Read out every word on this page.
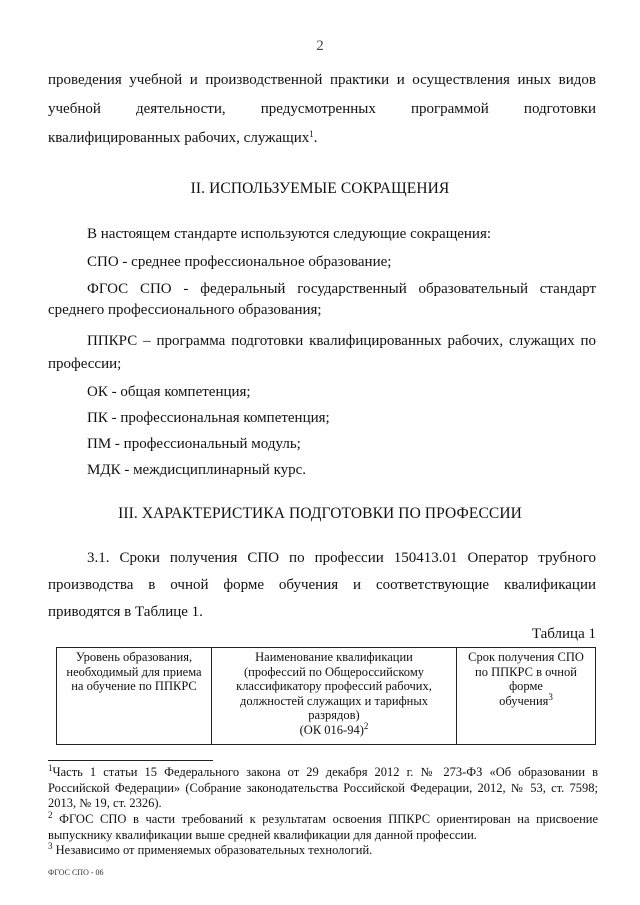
2
проведения учебной и производственной практики и осуществления иных видов
учебной деятельности, предусмотренных программой подготовки
квалифицированных рабочих, служащих$^1$.
II. ИСПОЛЬЗУЕМЫЕ СОКРАЩЕНИЯ
В настоящем стандарте используются следующие сокращения:
СПО - среднее профессиональное образование;
ФГОС СПО - федеральный государственный образовательный стандарт
среднего профессионального образования;
ППКРС – программа подготовки квалифицированных рабочих, служащих по
профессии;
ОК - общая компетенция;
ПК - профессиональная компетенция;
ПМ - профессиональный модуль;
МДК - междисциплинарный курс.
III. ХАРАКТЕРИСТИКА ПОДГОТОВКИ ПО ПРОФЕССИИ
3.1. Сроки получения СПО по профессии 150413.01 Оператор трубного
производства в очной форме обучения и соответствующие квалификации
приводятся в Таблице 1.
Таблица 1
Уровень образования,
необходимый для приема
на обучение по ППКРС

Наименование квалификации
(профессий по Общероссийскому
классификатору профессий рабочих,
должностей служащих и тарифных
разрядов)
(ОК 016-94)$^2$

Срок получения СПО
по ППКРС в очной форме
обучения$^3$
$^1$Часть 1 статьи 15 Федерального закона от 29 декабря 2012 г. № 273-ФЗ «Об образовании в
Российской Федерации» (Собрание законодательства Российской Федерации, 2012, № 53, ст. 7598;
2013, № 19, ст. 2326).
$^2$ ФГОС СПО в части требований к результатам освоения ППКРС ориентирован на присвоение
выпускнику квалификации выше средней квалификации для данной профессии.
$^3$ Независимо от применяемых образовательных технологий.
ФГОС СПО - 06
